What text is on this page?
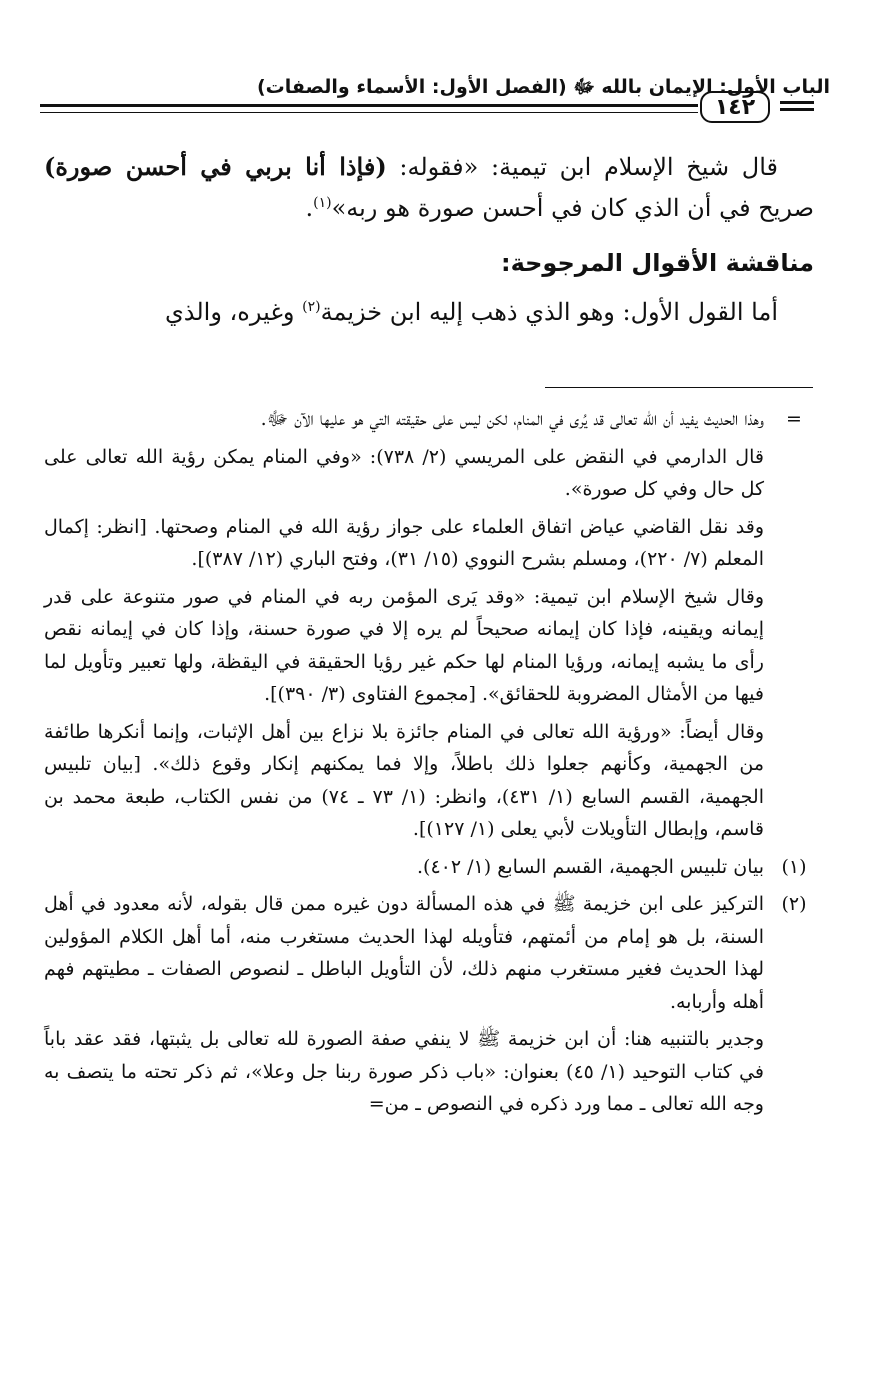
الباب الأول: الإيمان بالله ﷻ (الفصل الأول: الأسماء والصفات)
١٤٢

قال شيخ الإسلام ابن تيمية: «فقوله: (فإذا أنا بربي في أحسن صورة) صريح في أن الذي كان في أحسن صورة هو ربه»$^{(١)}$.

مناقشة الأقوال المرجوحة:

أما القول الأول: وهو الذي ذهب إليه ابن خزيمة$^{(٢)}$ وغيره، والذي

=

وهذا الحديث يفيد أن الله تعالى قد يُرى في المنام، لكن ليس على حقيقته التي هو عليها الآن ﷻ.

قال الدارمي في النقض على المريسي (٢/ ٧٣٨): «وفي المنام يمكن رؤية الله تعالى على كل حال وفي كل صورة».

وقد نقل القاضي عياض اتفاق العلماء على جواز رؤية الله في المنام وصحتها. [انظر: إكمال المعلم (٧/ ٢٢٠)، ومسلم بشرح النووي (١٥/ ٣١)، وفتح الباري (١٢/ ٣٨٧)].

وقال شيخ الإسلام ابن تيمية: «وقد يَرى المؤمن ربه في المنام في صور متنوعة على قدر إيمانه ويقينه، فإذا كان إيمانه صحيحاً لم يره إلا في صورة حسنة، وإذا كان في إيمانه نقص رأى ما يشبه إيمانه، ورؤيا المنام لها حكم غير رؤيا الحقيقة في اليقظة، ولها تعبير وتأويل لما فيها من الأمثال المضروبة للحقائق». [مجموع الفتاوى (٣/ ٣٩٠)].

وقال أيضاً: «ورؤية الله تعالى في المنام جائزة بلا نزاع بين أهل الإثبات، وإنما أنكرها طائفة من الجهمية، وكأنهم جعلوا ذلك باطلاً، وإلا فما يمكنهم إنكار وقوع ذلك». [بيان تلبيس الجهمية، القسم السابع (١/ ٤٣١)، وانظر: (١/ ٧٣ ـ ٧٤) من نفس الكتاب، طبعة محمد بن قاسم، وإبطال التأويلات لأبي يعلى (١/ ١٢٧)].

(١)

بيان تلبيس الجهمية، القسم السابع (١/ ٤٠٢).

(٢)

التركيز على ابن خزيمة ﷺ في هذه المسألة دون غيره ممن قال بقوله، لأنه معدود في أهل السنة، بل هو إمام من أئمتهم، فتأويله لهذا الحديث مستغرب منه، أما أهل الكلام المؤولين لهذا الحديث فغير مستغرب منهم ذلك، لأن التأويل الباطل ـ لنصوص الصفات ـ مطيتهم فهم أهله وأربابه.

وجدير بالتنبيه هنا: أن ابن خزيمة ﷺ لا ينفي صفة الصورة لله تعالى بل يثبتها، فقد عقد باباً في كتاب التوحيد (١/ ٤٥) بعنوان: «باب ذكر صورة ربنا جل وعلا»، ثم ذكر تحته ما يتصف به وجه الله تعالى ـ مما ورد ذكره في النصوص ـ من=
